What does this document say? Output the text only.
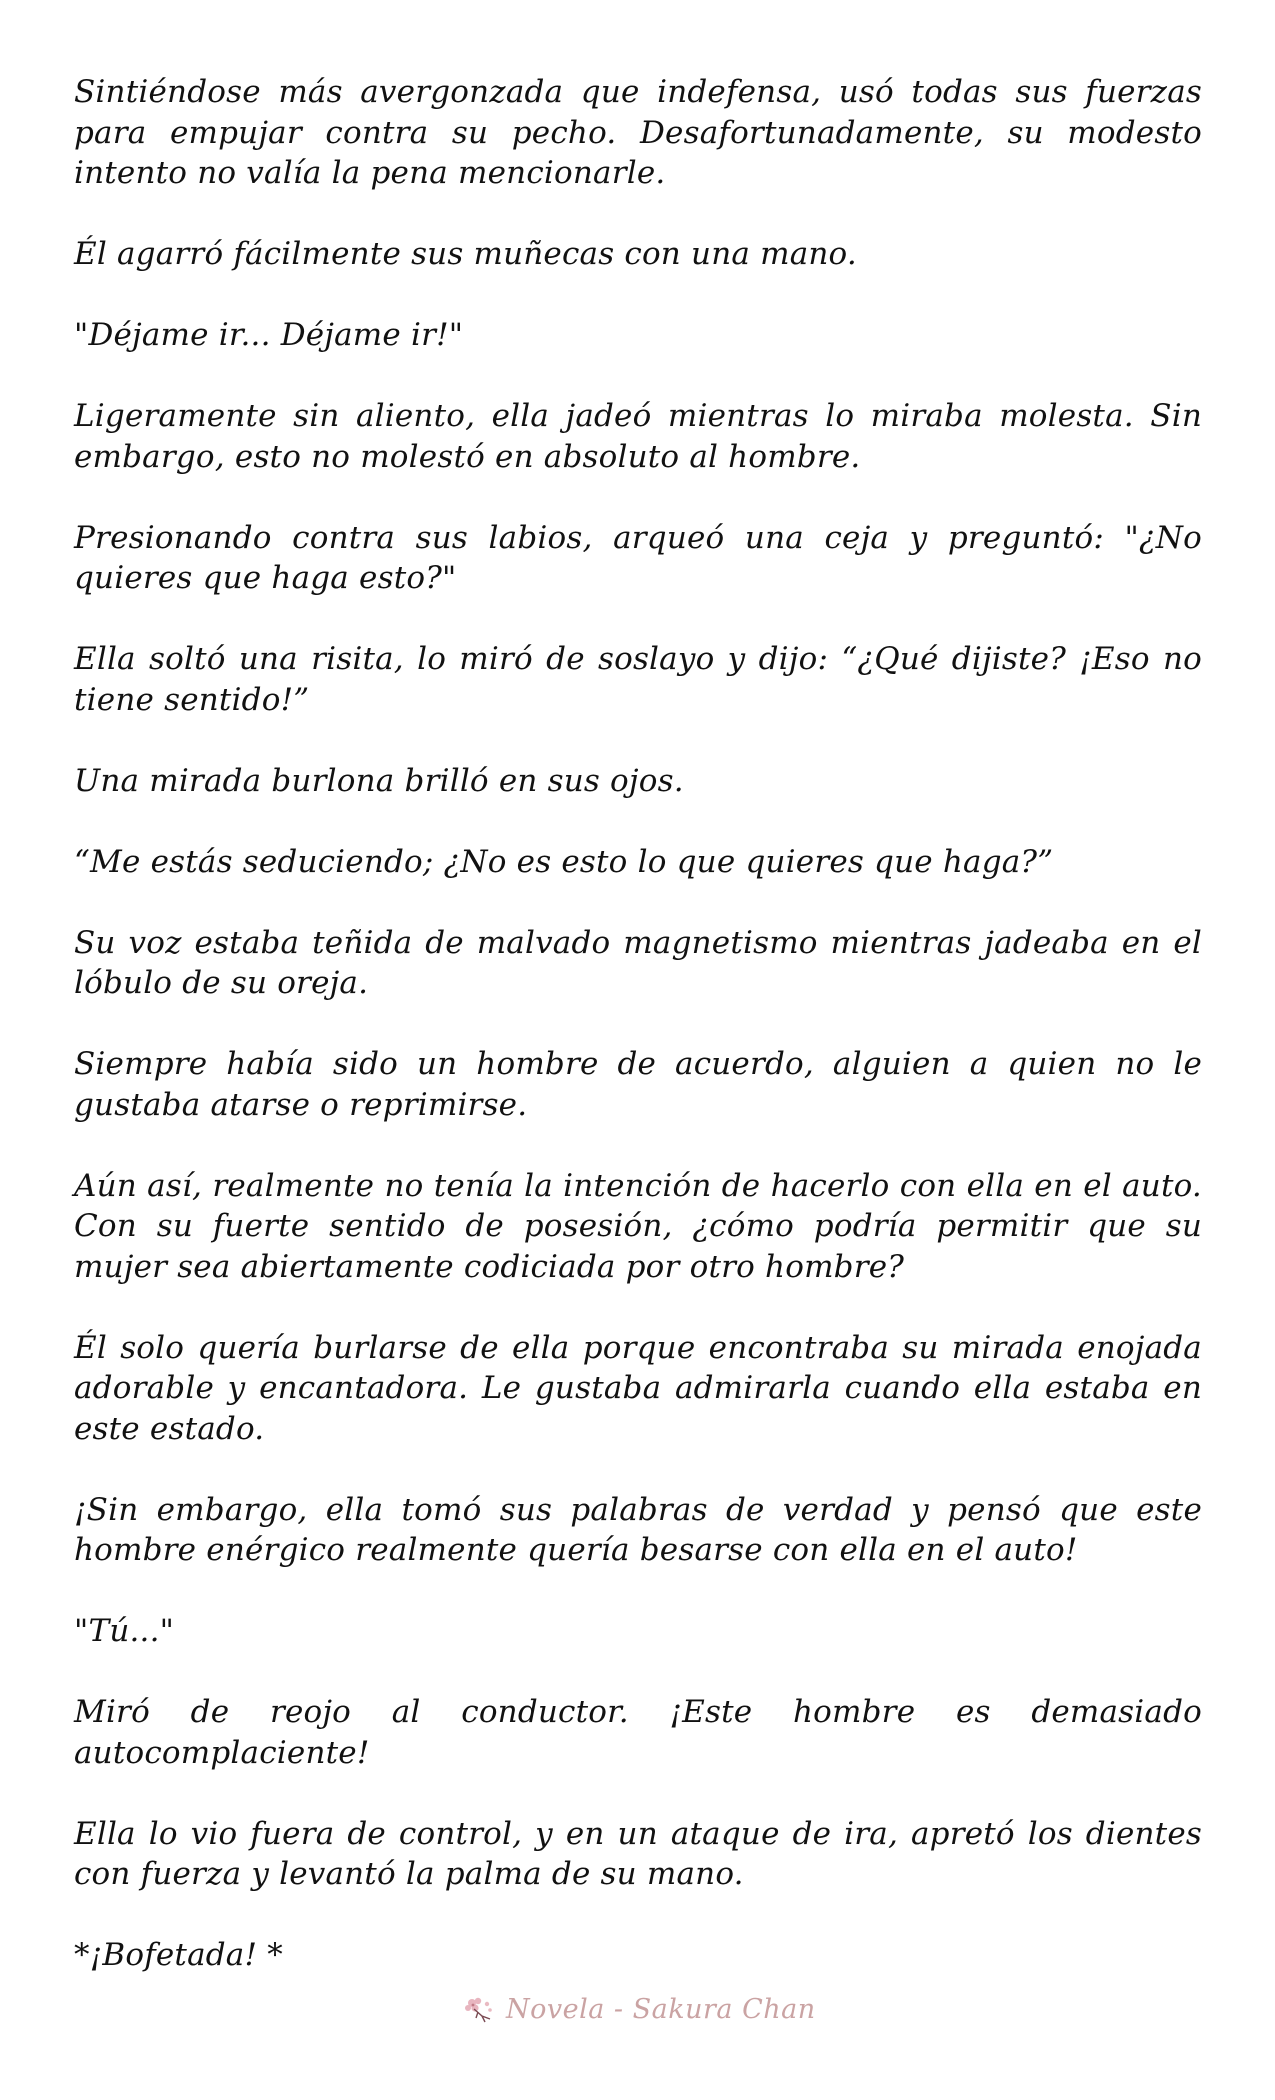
Sintiéndose más avergonzada que indefensa, usó todas sus fuerzas para empujar contra su pecho. Desafortunadamente, su modesto intento no valía la pena mencionarle.

Él agarró fácilmente sus muñecas con una mano.

"Déjame ir... Déjame ir!"

Ligeramente sin aliento, ella jadeó mientras lo miraba molesta. Sin embargo, esto no molestó en absoluto al hombre.

Presionando contra sus labios, arqueó una ceja y preguntó: "¿No quieres que haga esto?"

Ella soltó una risita, lo miró de soslayo y dijo: “¿Qué dijiste? ¡Eso no tiene sentido!”

Una mirada burlona brilló en sus ojos.

“Me estás seduciendo; ¿No es esto lo que quieres que haga?”

Su voz estaba teñida de malvado magnetismo mientras jadeaba en el lóbulo de su oreja.

Siempre había sido un hombre de acuerdo, alguien a quien no le gustaba atarse o reprimirse.

Aún así, realmente no tenía la intención de hacerlo con ella en el auto. Con su fuerte sentido de posesión, ¿cómo podría permitir que su mujer sea abiertamente codiciada por otro hombre?

Él solo quería burlarse de ella porque encontraba su mirada enojada adorable y encantadora. Le gustaba admirarla cuando ella estaba en este estado.

¡Sin embargo, ella tomó sus palabras de verdad y pensó que este hombre enérgico realmente quería besarse con ella en el auto!

"Tú..."

Miró de reojo al conductor. ¡Este hombre es demasiado autocomplaciente!

Ella lo vio fuera de control, y en un ataque de ira, apretó los dientes con fuerza y levantó la palma de su mano.

*¡Bofetada! *

Novela - Sakura Chan
